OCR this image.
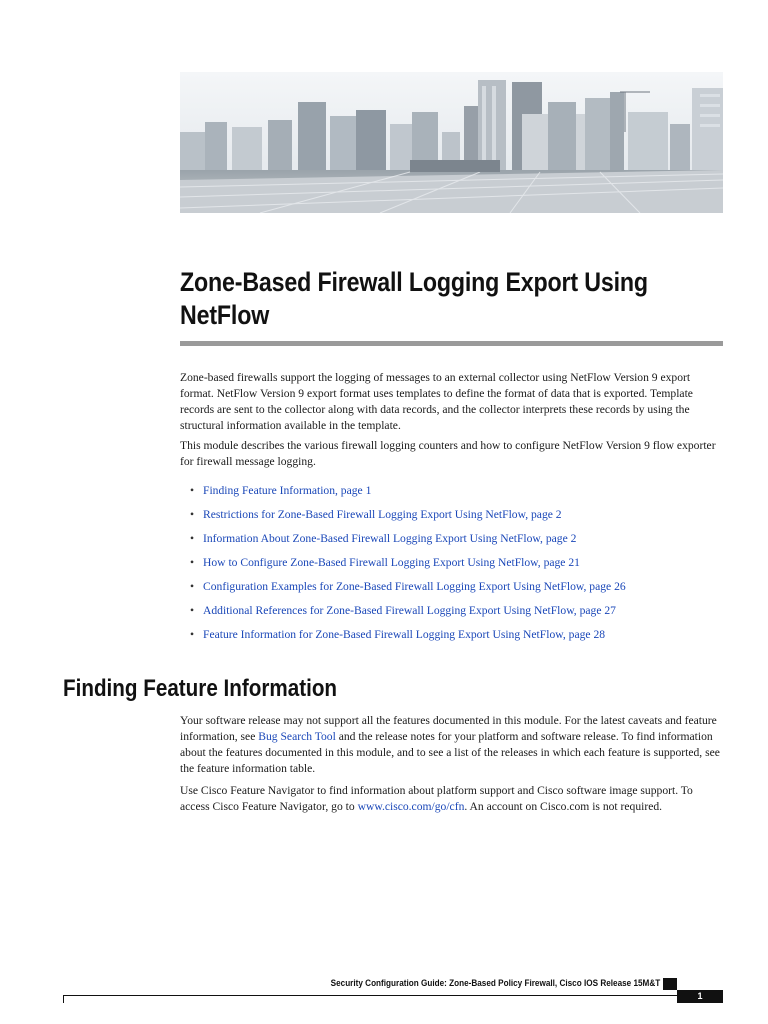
Zone-Based Firewall Logging Export Using NetFlow

Zone-based firewalls support the logging of messages to an external collector using NetFlow Version 9 export format. NetFlow Version 9 export format uses templates to define the format of data that is exported. Template records are sent to the collector along with data records, and the collector interprets these records by using the structural information available in the template.

This module describes the various firewall logging counters and how to configure NetFlow Version 9 flow exporter for firewall message logging.

• Finding Feature Information, page 1
• Restrictions for Zone-Based Firewall Logging Export Using NetFlow, page 2
• Information About Zone-Based Firewall Logging Export Using NetFlow, page 2
• How to Configure Zone-Based Firewall Logging Export Using NetFlow, page 21
• Configuration Examples for Zone-Based Firewall Logging Export Using NetFlow, page 26
• Additional References for Zone-Based Firewall Logging Export Using NetFlow, page 27
• Feature Information for Zone-Based Firewall Logging Export Using NetFlow, page 28
Finding Feature Information

Your software release may not support all the features documented in this module. For the latest caveats and feature information, see Bug Search Tool and the release notes for your platform and software release. To find information about the features documented in this module, and to see a list of the releases in which each feature is supported, see the feature information table.

Use Cisco Feature Navigator to find information about platform support and Cisco software image support. To access Cisco Feature Navigator, go to www.cisco.com/go/cfn. An account on Cisco.com is not required.

Security Configuration Guide: Zone-Based Policy Firewall, Cisco IOS Release 15M&T
1
